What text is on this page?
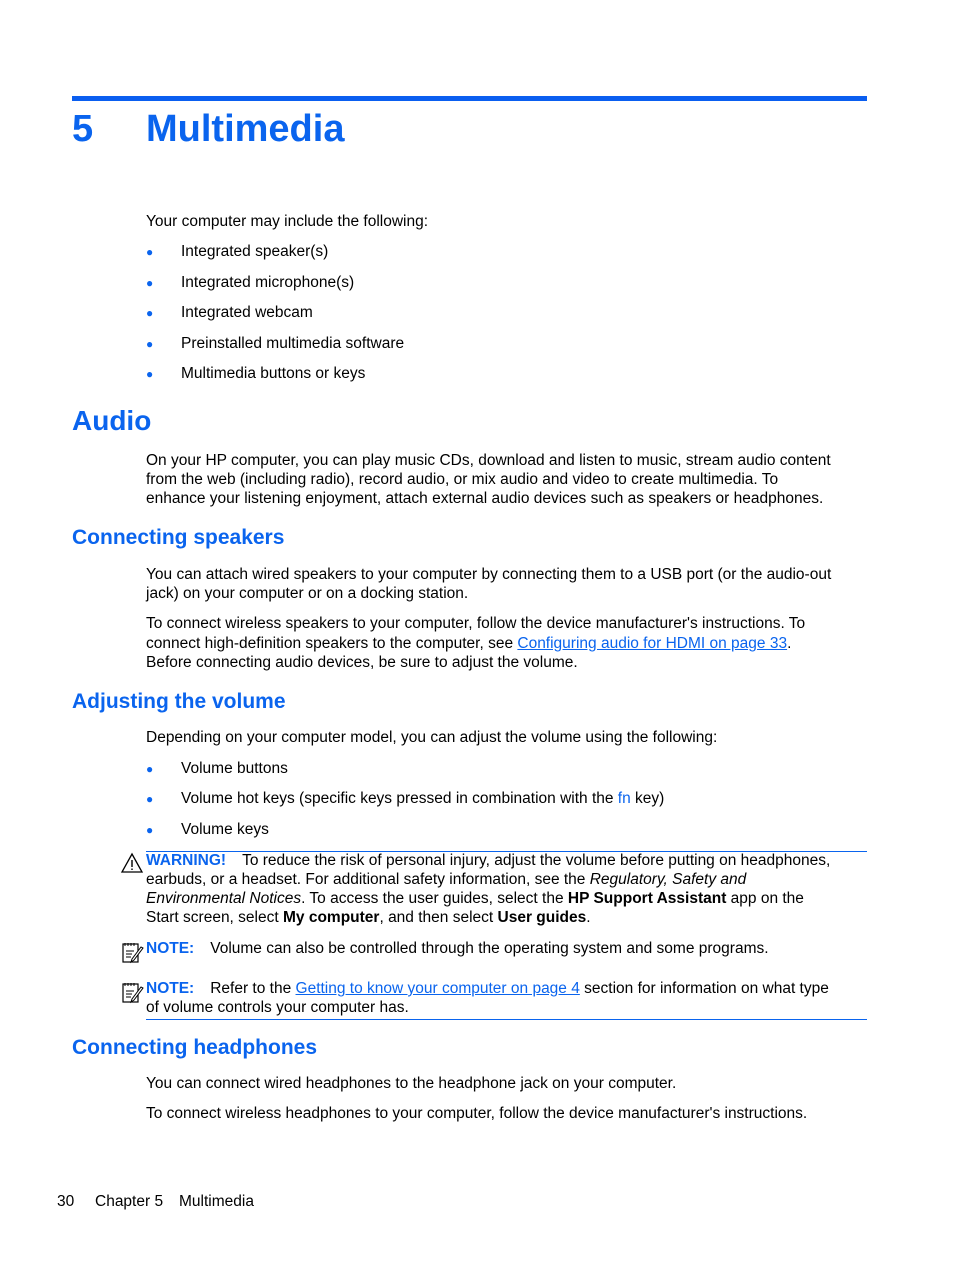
5 Multimedia
Your computer may include the following:
● Integrated speaker(s)
● Integrated microphone(s)
● Integrated webcam
● Preinstalled multimedia software
● Multimedia buttons or keys
Audio
On your HP computer, you can play music CDs, download and listen to music, stream audio content
from the web (including radio), record audio, or mix audio and video to create multimedia. To
enhance your listening enjoyment, attach external audio devices such as speakers or headphones.
Connecting speakers
You can attach wired speakers to your computer by connecting them to a USB port (or the audio-out
jack) on your computer or on a docking station.
To connect wireless speakers to your computer, follow the device manufacturer's instructions. To
connect high-definition speakers to the computer, see Configuring audio for HDMI on page 33.
Before connecting audio devices, be sure to adjust the volume.
Adjusting the volume
Depending on your computer model, you can adjust the volume using the following:
● Volume buttons
● Volume hot keys (specific keys pressed in combination with the fn key)
● Volume keys
WARNING! To reduce the risk of personal injury, adjust the volume before putting on headphones,
earbuds, or a headset. For additional safety information, see the Regulatory, Safety and
Environmental Notices. To access the user guides, select the HP Support Assistant app on the
Start screen, select My computer, and then select User guides.
NOTE: Volume can also be controlled through the operating system and some programs.
NOTE: Refer to the Getting to know your computer on page 4 section for information on what type
of volume controls your computer has.
Connecting headphones
You can connect wired headphones to the headphone jack on your computer.
To connect wireless headphones to your computer, follow the device manufacturer's instructions.
30 Chapter 5 Multimedia
